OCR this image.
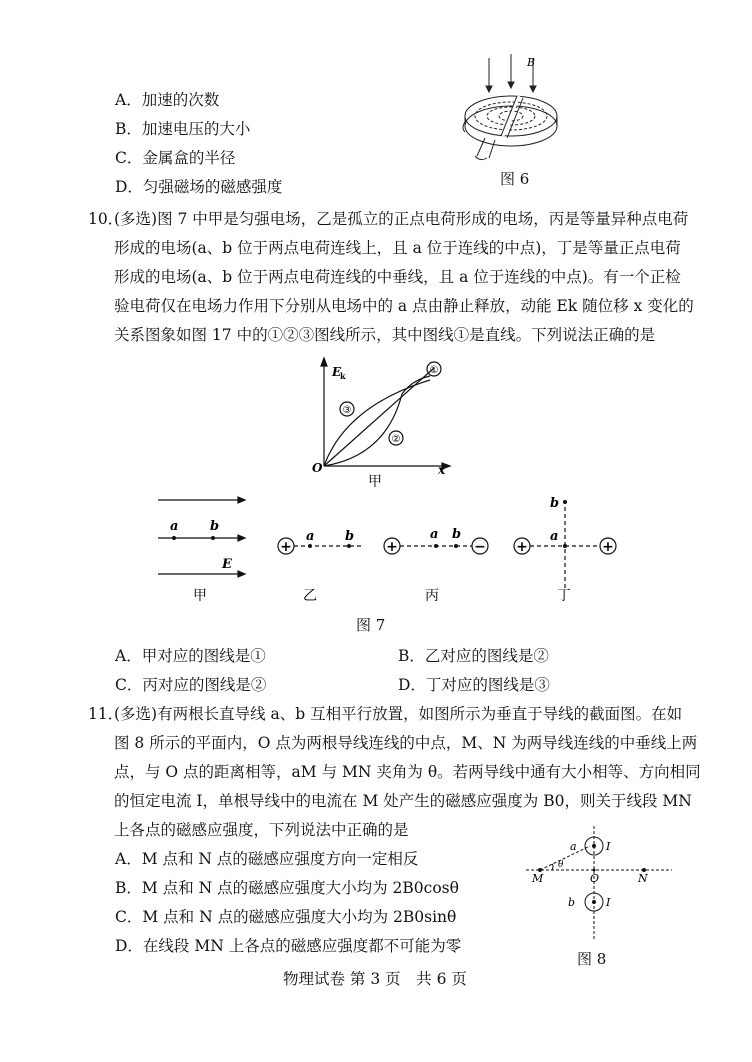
A．加速的次数
B．加速电压的大小
C．金属盒的半径
D．匀强磁场的磁感强度
B
图 6
10．
(多选)图 7 中甲是匀强电场，乙是孤立的正点电荷形成的电场，丙是等量异种点电荷
形成的电场(a、b 位于两点电荷连线上，且 a 位于连线的中点)，丁是等量正点电荷
形成的电场(a、b 位于两点电荷连线的中垂线，且 a 位于连线的中点)。有一个正检
验电荷仅在电场力作用下分别从电场中的 a 点由静止释放，动能 Ek 随位移 x 变化的
关系图象如图 17 中的①②③图线所示，其中图线①是直线。下列说法正确的是
E
k
x
O
①
②
③
甲
+	+	− +	+
a b
E
a b	a b	a
b
甲	乙	丙	丁
图 7
A．甲对应的图线是①	B．乙对应的图线是②
C．丙对应的图线是②	D．丁对应的图线是③
11．
(多选)有两根长直导线 a、b 互相平行放置，如图所示为垂直于导线的截面图。在如
图 8 所示的平面内，O 点为两根导线连线的中点，M、N 为两导线连线的中垂线上两
点，与 O 点的距离相等，aM 与 MN 夹角为 θ。若两导线中通有大小相等、方向相同
的恒定电流 I，单根导线中的电流在 M 处产生的磁感应强度为 B0，则关于线段 MN
上各点的磁感应强度，下列说法中正确的是
A．M 点和 N 点的磁感应强度方向一定相反
B．M 点和 N 点的磁感应强度大小均为 2B0cosθ
C．M 点和 N 点的磁感应强度大小均为 2B0sinθ
D．在线段 MN 上各点的磁感应强度都不可能为零
a
b
I
I
M	N
O
θ
图 8
物理试卷 第 3 页　共 6 页
